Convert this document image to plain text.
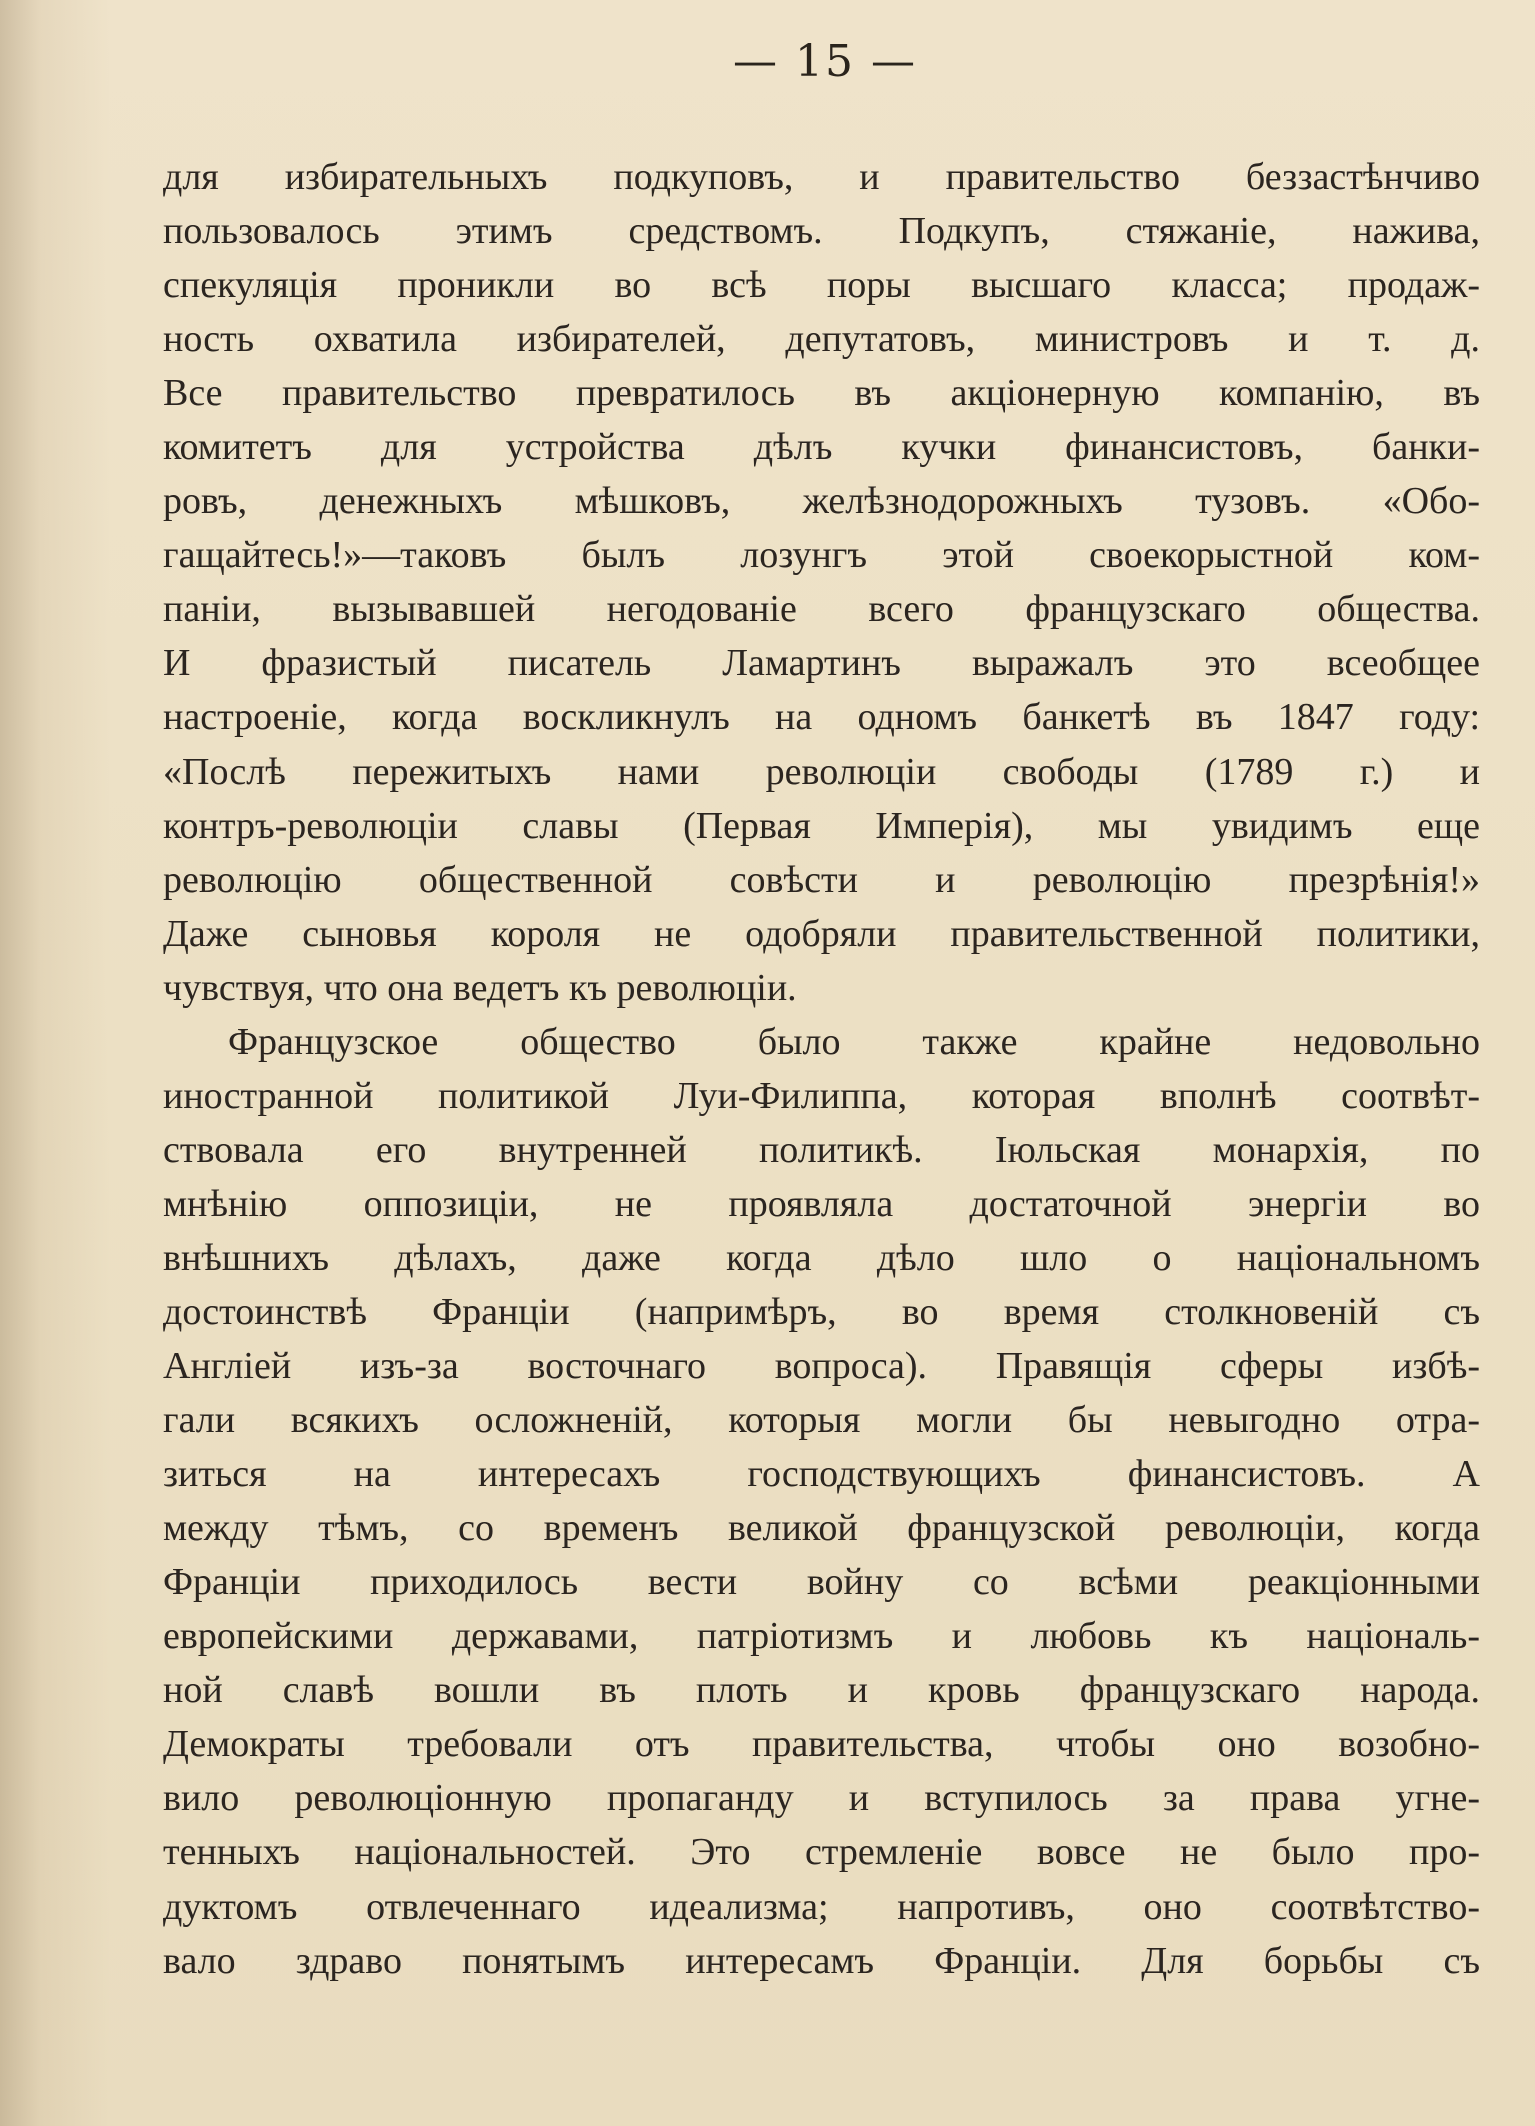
— 15 —
для избирательныхъ подкуповъ, и правительство беззастѣнчиво
пользовалось этимъ средствомъ. Подкупъ, стяжаніе, нажива,
спекуляція проникли во всѣ поры высшаго класса; продаж-
ность охватила избирателей, депутатовъ, министровъ и т. д.
Все правительство превратилось въ акціонерную компанію, въ
комитетъ для устройства дѣлъ кучки финансистовъ, банки-
ровъ, денежныхъ мѣшковъ, желѣзнодорожныхъ тузовъ. «Обо-
гащайтесь!»—таковъ былъ лозунгъ этой своекорыстной ком-
паніи, вызывавшей негодованіе всего французскаго общества.
И фразистый писатель Ламартинъ выражалъ это всеобщее
настроеніе, когда воскликнулъ на одномъ банкетѣ въ 1847 году:
«Послѣ пережитыхъ нами революціи свободы (1789 г.) и
контръ-революціи славы (Первая Имперія), мы увидимъ еще
революцію общественной совѣсти и революцію презрѣнія!»
Даже сыновья короля не одобряли правительственной политики,
чувствуя, что она ведетъ къ революціи.
Французское общество было также крайне недовольно
иностранной политикой Луи-Филиппа, которая вполнѣ соотвѣт-
ствовала его внутренней политикѣ. Іюльская монархія, по
мнѣнію оппозиціи, не проявляла достаточной энергіи во
внѣшнихъ дѣлахъ, даже когда дѣло шло о національномъ
достоинствѣ Франціи (напримѣръ, во время столкновеній съ
Англіей изъ-за восточнаго вопроса). Правящія сферы избѣ-
гали всякихъ осложненій, которыя могли бы невыгодно отра-
зиться на интересахъ господствующихъ финансистовъ. А
между тѣмъ, со временъ великой французской революціи, когда
Франціи приходилось вести войну со всѣми реакціонными
европейскими державами, патріотизмъ и любовь къ національ-
ной славѣ вошли въ плоть и кровь французскаго народа.
Демократы требовали отъ правительства, чтобы оно возобно-
вило революціонную пропаганду и вступилось за права угне-
тенныхъ національностей. Это стремленіе вовсе не было про-
дуктомъ отвлеченнаго идеализма; напротивъ, оно соотвѣтство-
вало здраво понятымъ интересамъ Франціи. Для борьбы съ
